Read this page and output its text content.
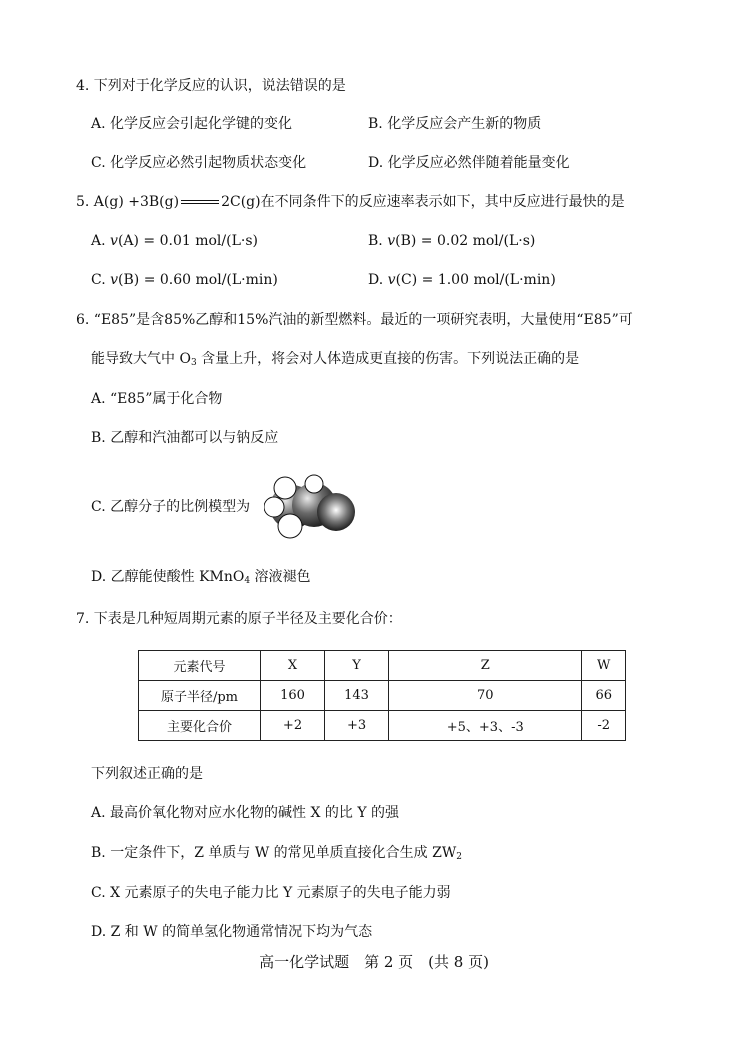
4. 下列对于化学反应的认识，说法错误的是
A. 化学反应会引起化学键的变化	B. 化学反应会产生新的物质
C. 化学反应必然引起物质状态变化	D. 化学反应必然伴随着能量变化
5. A(g) +3B(g)	2C(g)在不同条件下的反应速率表示如下，其中反应进行最快的是
A. v(A) = 0.01 mol/(L·s)	B. v(B) = 0.02 mol/(L·s)
C. v(B) = 0.60 mol/(L·min)	D. v(C) = 1.00 mol/(L·min)
6. “E85”是含85%乙醇和15%汽油的新型燃料。最近的一项研究表明，大量使用“E85”可
能导致大气中 $O_3$ 含量上升，将会对人体造成更直接的伤害。下列说法正确的是
A. “E85”属于化合物
B. 乙醇和汽油都可以与钠反应
C. 乙醇分子的比例模型为
D. 乙醇能使酸性 KMnO$_4$ 溶液褪色
7. 下表是几种短周期元素的原子半径及主要化合价：
元素代号	X	Y	Z	W
原子半径/pm	160	143	70	66
主要化合价	+2	+3	+5、+3、-3	-2
下列叙述正确的是
A. 最高价氧化物对应水化物的碱性 X 的比 Y 的强
B. 一定条件下，Z 单质与 W 的常见单质直接化合生成 $ZW_2$
C. X 元素原子的失电子能力比 Y 元素原子的失电子能力弱
D. Z 和 W 的简单氢化物通常情况下均为气态
高一化学试题　第 2 页　(共 8 页)
